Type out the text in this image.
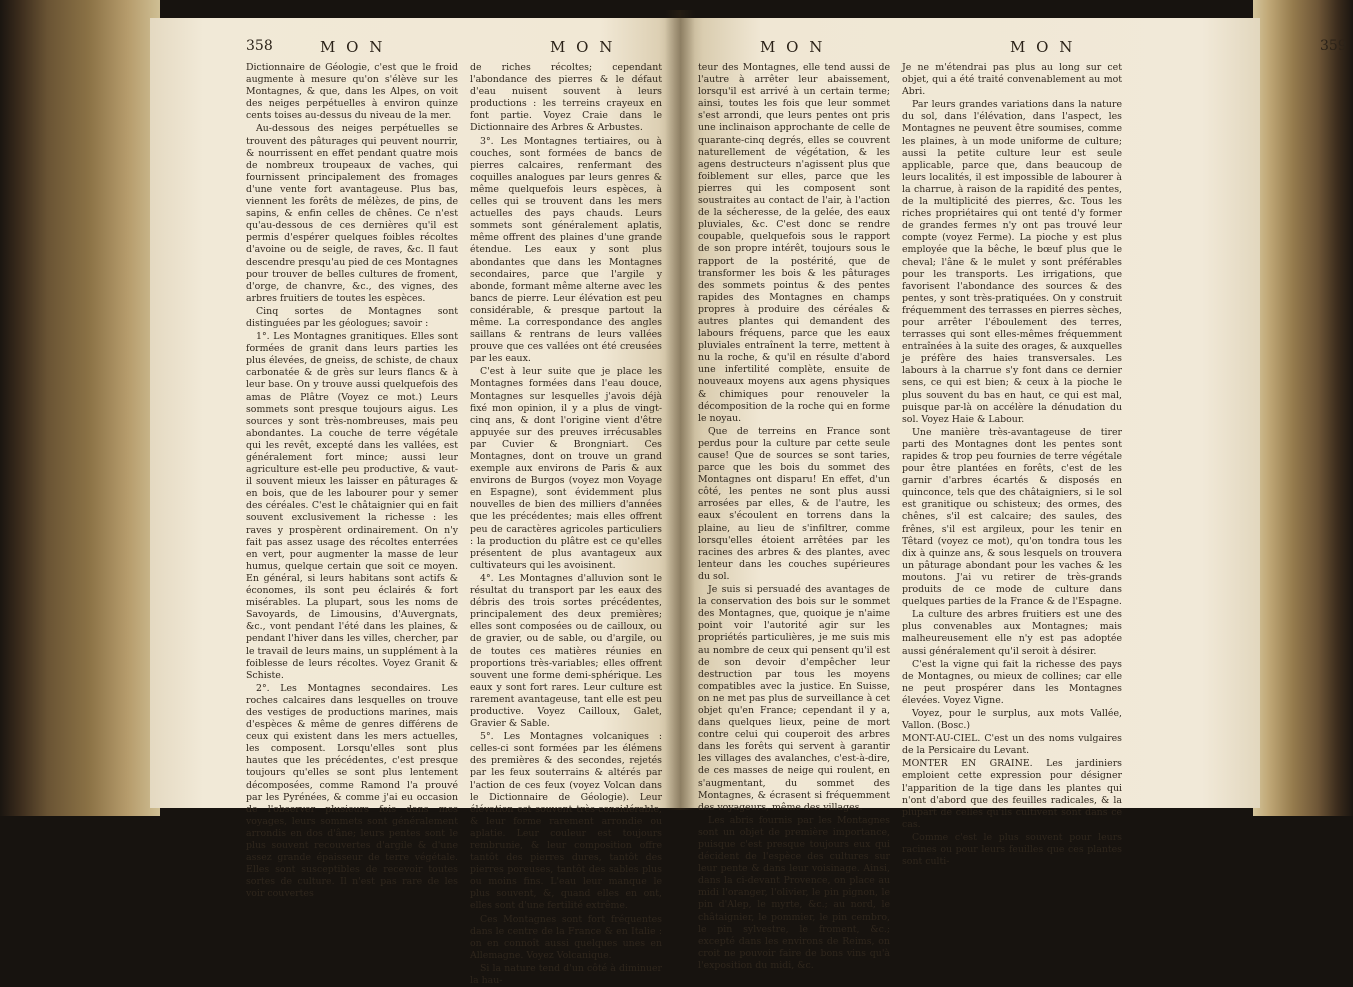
358	M O N	M O N	M O N	M O N	359

Dictionnaire de Géologie, c'est que le froid augmente à mesure qu'on s'élève sur les Montagnes, & que, dans les Alpes, on voit des neiges perpétuelles à environ quinze cents toises au-dessus du niveau de la mer.

Au-dessous des neiges perpétuelles se trouvent des pâturages qui peuvent nourrir, & nourrissent en effet pendant quatre mois de nombreux troupeaux de vaches, qui fournissent principalement des fromages d'une vente fort avantageuse. Plus bas, viennent les forêts de mélèzes, de pins, de sapins, & enfin celles de chênes. Ce n'est qu'au-dessous de ces dernières qu'il est permis d'espérer quelques foibles récoltes d'avoine ou de seigle, de raves, &c. Il faut descendre presqu'au pied de ces Montagnes pour trouver de belles cultures de froment, d'orge, de chanvre, &c., des vignes, des arbres fruitiers de toutes les espèces.

Cinq sortes de Montagnes sont distinguées par les géologues; savoir :

1°. Les Montagnes granitiques. Elles sont formées de granit dans leurs parties les plus élevées, de gneiss, de schiste, de chaux carbonatée & de grès sur leurs flancs & à leur base. On y trouve aussi quelquefois des amas de Plâtre (Voyez ce mot.) Leurs sommets sont presque toujours aigus. Les sources y sont très-nombreuses, mais peu abondantes. La couche de terre végétale qui les revêt, excepté dans les vallées, est généralement fort mince; aussi leur agriculture est-elle peu productive, & vaut-il souvent mieux les laisser en pâturages & en bois, que de les labourer pour y semer des céréales. C'est le châtaignier qui en fait souvent exclusivement la richesse : les raves y prospèrent ordinairement. On n'y fait pas assez usage des récoltes enterrées en vert, pour augmenter la masse de leur humus, quelque certain que soit ce moyen. En général, si leurs habitans sont actifs & économes, ils sont peu éclairés & fort misérables. La plupart, sous les noms de Savoyards, de Limousins, d'Auvergnats, &c., vont pendant l'été dans les plaines, & pendant l'hiver dans les villes, chercher, par le travail de leurs mains, un supplément à la foiblesse de leurs récoltes. Voyez Granit & Schiste.

2°. Les Montagnes secondaires. Les roches calcaires dans lesquelles on trouve des vestiges de productions marines, mais d'espèces & même de genres différens de ceux qui existent dans les mers actuelles, les composent. Lorsqu'elles sont plus hautes que les précédentes, c'est presque toujours qu'elles se sont plus lentement décomposées, comme Ramond l'a prouvé par les Pyrénées, & comme j'ai eu occasion de l'observer plusieurs fois dans mes voyages, leurs sommets sont généralement arrondis en dos d'âne; leurs pentes sont le plus souvent recouvertes d'argile & d'une assez grande épaisseur de terre végétale. Elles sont susceptibles de recevoir toutes sortes de culture. Il n'est pas rare de les voir couvertes

de riches récoltes; cependant l'abondance des pierres & le défaut d'eau nuisent souvent à leurs productions : les terreins crayeux en font partie. Voyez Craie dans le Dictionnaire des Arbres & Arbustes.

3°. Les Montagnes tertiaires, ou à couches, sont formées de bancs de pierres calcaires, renfermant des coquilles analogues par leurs genres & même quelquefois leurs espèces, à celles qui se trouvent dans les mers actuelles des pays chauds. Leurs sommets sont généralement aplatis, même offrent des plaines d'une grande étendue. Les eaux y sont plus abondantes que dans les Montagnes secondaires, parce que l'argile y abonde, formant même alterne avec les bancs de pierre. Leur élévation est peu considérable, & presque partout la même. La correspondance des angles saillans & rentrans de leurs vallées prouve que ces vallées ont été creusées par les eaux.

C'est à leur suite que je place les Montagnes formées dans l'eau douce, Montagnes sur lesquelles j'avois déjà fixé mon opinion, il y a plus de vingt-cinq ans, & dont l'origine vient d'être appuyée sur des preuves irrécusables par Cuvier & Brongniart. Ces Montagnes, dont on trouve un grand exemple aux environs de Paris & aux environs de Burgos (voyez mon Voyage en Espagne), sont évidemment plus nouvelles de bien des milliers d'années que les précédentes; mais elles offrent peu de caractères agricoles particuliers : la production du plâtre est ce qu'elles présentent de plus avantageux aux cultivateurs qui les avoisinent.

4°. Les Montagnes d'alluvion sont le résultat du transport par les eaux des débris des trois sortes précédentes, principalement des deux premières; elles sont composées ou de cailloux, ou de gravier, ou de sable, ou d'argile, ou de toutes ces matières réunies en proportions très-variables; elles offrent souvent une forme demi-sphérique. Les eaux y sont fort rares. Leur culture est rarement avantageuse, tant elle est peu productive. Voyez Cailloux, Galet, Gravier & Sable.

5°. Les Montagnes volcaniques : celles-ci sont formées par les élémens des premières & des secondes, rejetés par les feux souterrains & altérés par l'action de ces feux (voyez Volcan dans le Dictionnaire de Géologie). Leur élévation est souvent très-considérable, & leur forme rarement arrondie ou aplatie. Leur couleur est toujours rembrunie, & leur composition offre tantôt des pierres dures, tantôt des pierres poreuses, tantôt des sables plus ou moins fins. L'eau leur manque le plus souvent, &, quand elles en ont, elles sont d'une fertilité extrême.

Ces Montagnes sont fort fréquentes dans le centre de la France & en Italie : on en connoît aussi quelques unes en Allemagne. Voyez Volcanique.

Si la nature tend d'un côté à diminuer la hau-

teur des Montagnes, elle tend aussi de l'autre à arrêter leur abaissement, lorsqu'il est arrivé à un certain terme; ainsi, toutes les fois que leur sommet s'est arrondi, que leurs pentes ont pris une inclinaison approchante de celle de quarante-cinq degrés, elles se couvrent naturellement de végétation, & les agens destructeurs n'agissent plus que foiblement sur elles, parce que les pierres qui les composent sont soustraites au contact de l'air, à l'action de la sécheresse, de la gelée, des eaux pluviales, &c. C'est donc se rendre coupable, quelquefois sous le rapport de son propre intérêt, toujours sous le rapport de la postérité, que de transformer les bois & les pâturages des sommets pointus & des pentes rapides des Montagnes en champs propres à produire des céréales & autres plantes qui demandent des labours fréquens, parce que les eaux pluviales entraînent la terre, mettent à nu la roche, & qu'il en résulte d'abord une infertilité complète, ensuite de nouveaux moyens aux agens physiques & chimiques pour renouveler la décomposition de la roche qui en forme le noyau.

Que de terreins en France sont perdus pour la culture par cette seule cause! Que de sources se sont taries, parce que les bois du sommet des Montagnes ont disparu! En effet, d'un côté, les pentes ne sont plus aussi arrosées par elles, & de l'autre, les eaux s'écoulent en torrens dans la plaine, au lieu de s'infiltrer, comme lorsqu'elles étoient arrêtées par les racines des arbres & des plantes, avec lenteur dans les couches supérieures du sol.

Je suis si persuadé des avantages de la conservation des bois sur le sommet des Montagnes, que, quoique je n'aime point voir l'autorité agir sur les propriétés particulières, je me suis mis au nombre de ceux qui pensent qu'il est de son devoir d'empêcher leur destruction par tous les moyens compatibles avec la justice. En Suisse, on ne met pas plus de surveillance à cet objet qu'en France; cependant il y a, dans quelques lieux, peine de mort contre celui qui couperoit des arbres dans les forêts qui servent à garantir les villages des avalanches, c'est-à-dire, de ces masses de neige qui roulent, en s'augmentant, du sommet des Montagnes, & écrasent si fréquemment des voyageurs, même des villages.

Les abris fournis par les Montagnes sont un objet de première importance, puisque c'est presque toujours eux qui décident de l'espèce des cultures sur leur pente & dans leur voisinage. Ainsi, dans la ci-devant Provence, on place au midi l'oranger, l'olivier, le pin pignon, le pin d'Alep, le myrte, &c.; au nord, le châtaignier, le pommier, le pin cembro, le pin sylvestre, le froment, &c.; excepté dans les environs de Reims, on croit ne pouvoir faire de bons vins qu'à l'exposition du midi, &c.

Je ne m'étendrai pas plus au long sur cet objet, qui a été traité convenablement au mot Abri.

Par leurs grandes variations dans la nature du sol, dans l'élévation, dans l'aspect, les Montagnes ne peuvent être soumises, comme les plaines, à un mode uniforme de culture; aussi la petite culture leur est seule applicable, parce que, dans beaucoup de leurs localités, il est impossible de labourer à la charrue, à raison de la rapidité des pentes, de la multiplicité des pierres, &c. Tous les riches propriétaires qui ont tenté d'y former de grandes fermes n'y ont pas trouvé leur compte (voyez Ferme). La pioche y est plus employée que la bêche, le bœuf plus que le cheval; l'âne & le mulet y sont préférables pour les transports. Les irrigations, que favorisent l'abondance des sources & des pentes, y sont très-pratiquées. On y construit fréquemment des terrasses en pierres sèches, pour arrêter l'éboulement des terres, terrasses qui sont elles-mêmes fréquemment entraînées à la suite des orages, & auxquelles je préfère des haies transversales. Les labours à la charrue s'y font dans ce dernier sens, ce qui est bien; & ceux à la pioche le plus souvent du bas en haut, ce qui est mal, puisque par-là on accélère la dénudation du sol. Voyez Haie & Labour.

Une manière très-avantageuse de tirer parti des Montagnes dont les pentes sont rapides & trop peu fournies de terre végétale pour être plantées en forêts, c'est de les garnir d'arbres écartés & disposés en quinconce, tels que des châtaigniers, si le sol est granitique ou schisteux; des ormes, des chênes, s'il est calcaire; des saules, des frênes, s'il est argileux, pour les tenir en Têtard (voyez ce mot), qu'on tondra tous les dix à quinze ans, & sous lesquels on trouvera un pâturage abondant pour les vaches & les moutons. J'ai vu retirer de très-grands produits de ce mode de culture dans quelques parties de la France & de l'Espagne.

La culture des arbres fruitiers est une des plus convenables aux Montagnes; mais malheureusement elle n'y est pas adoptée aussi généralement qu'il seroit à désirer.

C'est la vigne qui fait la richesse des pays de Montagnes, ou mieux de collines; car elle ne peut prospérer dans les Montagnes élevées. Voyez Vigne.

Voyez, pour le surplus, aux mots Vallée, Vallon. (Bosc.)

MONT-AU-CIEL. C'est un des noms vulgaires de la Persicaire du Levant.

MONTER EN GRAINE. Les jardiniers emploient cette expression pour désigner l'apparition de la tige dans les plantes qui n'ont d'abord que des feuilles radicales, & la plupart de celles qu'ils cultivent sont dans ce cas.

Comme c'est le plus souvent pour leurs racines ou pour leurs feuilles que ces plantes sont culti-
